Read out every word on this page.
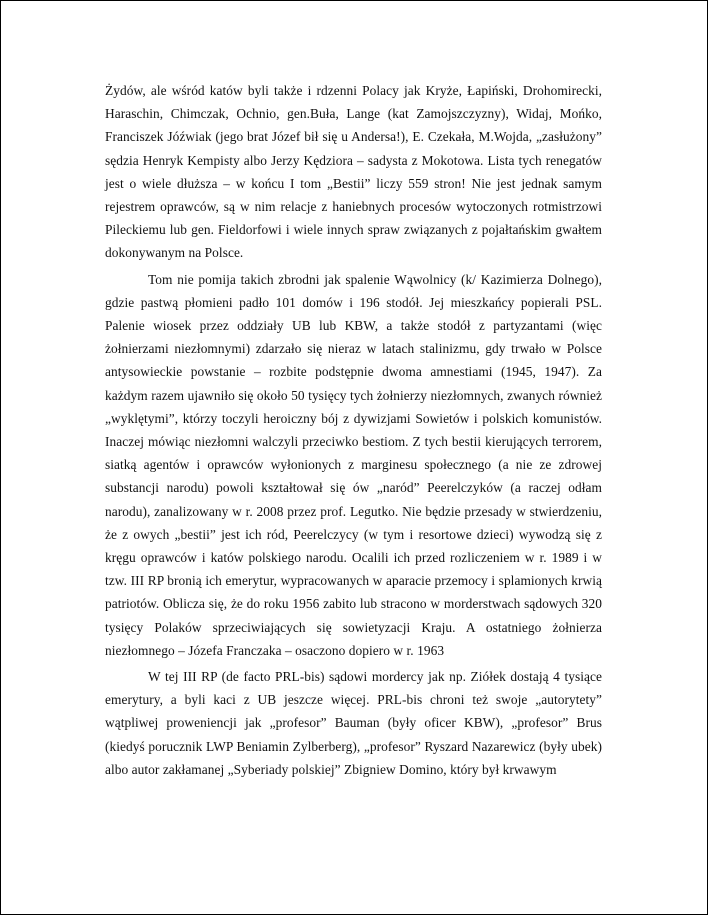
Żydów, ale wśród katów byli także i rdzenni Polacy jak Kryże, Łapiński, Drohomirecki, Haraschin, Chimczak, Ochnio, gen.Buła, Lange (kat Zamojszczyzny), Widaj, Mońko, Franciszek Jóźwiak (jego brat Józef bił się u Andersa!), E. Czekała, M.Wojda, „zasłużony” sędzia Henryk Kempisty albo Jerzy Kędziora – sadysta z Mokotowa. Lista tych renegatów jest o wiele dłuższa – w końcu I tom „Bestii” liczy 559 stron! Nie jest jednak samym rejestrem oprawców, są w nim relacje z haniebnych procesów wytoczonych rotmistrzowi Pileckiemu lub gen. Fieldorfowi i wiele innych spraw związanych z pojałtańskim gwałtem dokonywanym na Polsce.

Tom nie pomija takich zbrodni jak spalenie Wąwolnicy (k/ Kazimierza Dolnego), gdzie pastwą płomieni padło 101 domów i 196 stodół. Jej mieszkańcy popierali PSL. Palenie wiosek przez oddziały UB lub KBW, a także stodół z partyzantami (więc żołnierzami niezłomnymi) zdarzało się nieraz w latach stalinizmu, gdy trwało w Polsce antysowieckie powstanie – rozbite podstępnie dwoma amnestiami (1945, 1947). Za każdym razem ujawniło się około 50 tysięcy tych żołnierzy niezłomnych, zwanych również „wyklętymi”, którzy toczyli heroiczny bój z dywizjami Sowietów i polskich komunistów. Inaczej mówiąc niezłomni walczyli przeciwko bestiom. Z tych bestii kierujących terrorem, siatką agentów i oprawców wyłonionych z marginesu społecznego (a nie ze zdrowej substancji narodu) powoli kształtował się ów „naród” Peerelczyków (a raczej odłam narodu), zanalizowany w r. 2008 przez prof. Legutko. Nie będzie przesady w stwierdzeniu, że z owych „bestii” jest ich ród, Peerelczycy (w tym i resortowe dzieci) wywodzą się z kręgu oprawców i katów polskiego narodu. Ocalili ich przed rozliczeniem w r. 1989 i w tzw. III RP bronią ich emerytur, wypracowanych w aparacie przemocy i splamionych krwią patriotów. Oblicza się, że do roku 1956 zabito lub stracono w morderstwach sądowych 320 tysięcy Polaków sprzeciwiających się sowietyzacji Kraju. A ostatniego żołnierza niezłomnego – Józefa Franczaka – osaczono dopiero w r. 1963

W tej III RP (de facto PRL-bis) sądowi mordercy jak np. Ziółek dostają 4 tysiące emerytury, a byli kaci z UB jeszcze więcej. PRL-bis chroni też swoje „autorytety” wątpliwej proweniencji jak „profesor” Bauman (były oficer KBW), „profesor” Brus (kiedyś porucznik LWP Beniamin Zylberberg), „profesor” Ryszard Nazarewicz (były ubek) albo autor zakłamanej „Syberiady polskiej” Zbigniew Domino, który był krwawym
